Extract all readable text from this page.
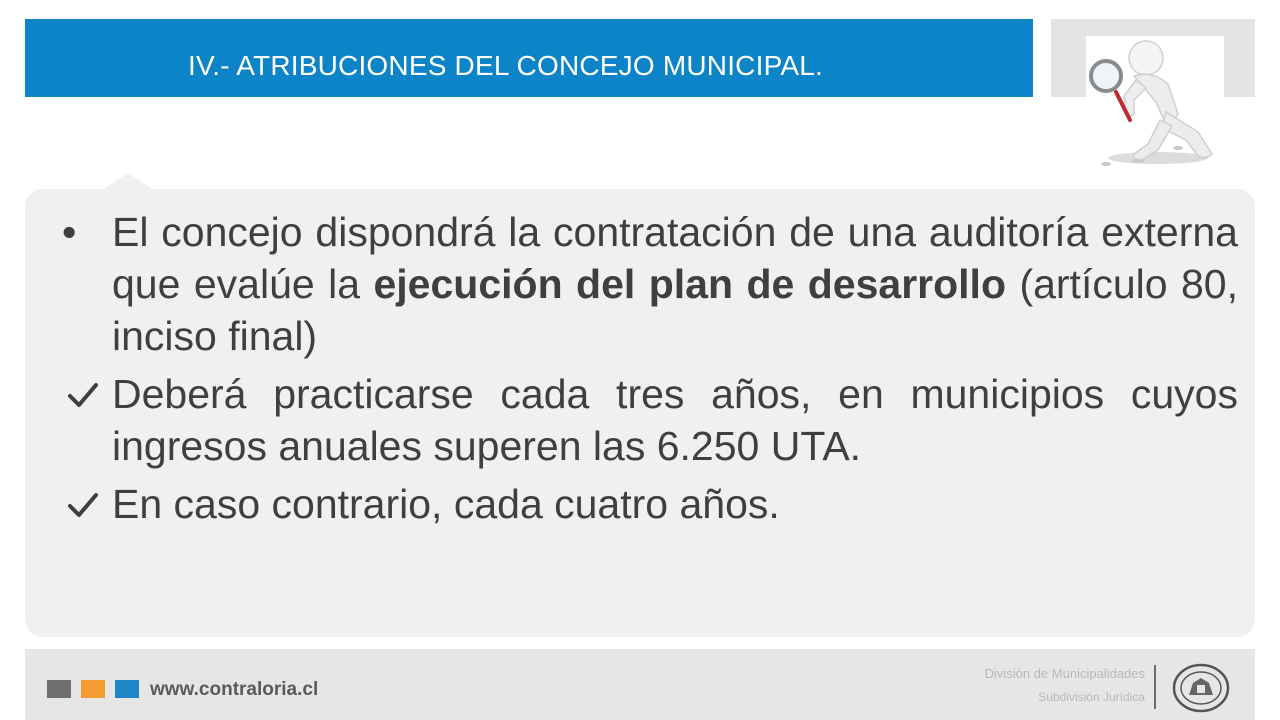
IV.- ATRIBUCIONES DEL CONCEJO MUNICIPAL.
• El concejo dispondrá la contratación de una auditoría externa que evalúe la ejecución del plan de desarrollo (artículo 80, inciso final)
Deberá practicarse cada tres años, en municipios cuyos ingresos anuales superen las 6.250 UTA.
En caso contrario, cada cuatro años.
www.contraloria.cl
División de Municipalidades
Subdivisión Jurídica
